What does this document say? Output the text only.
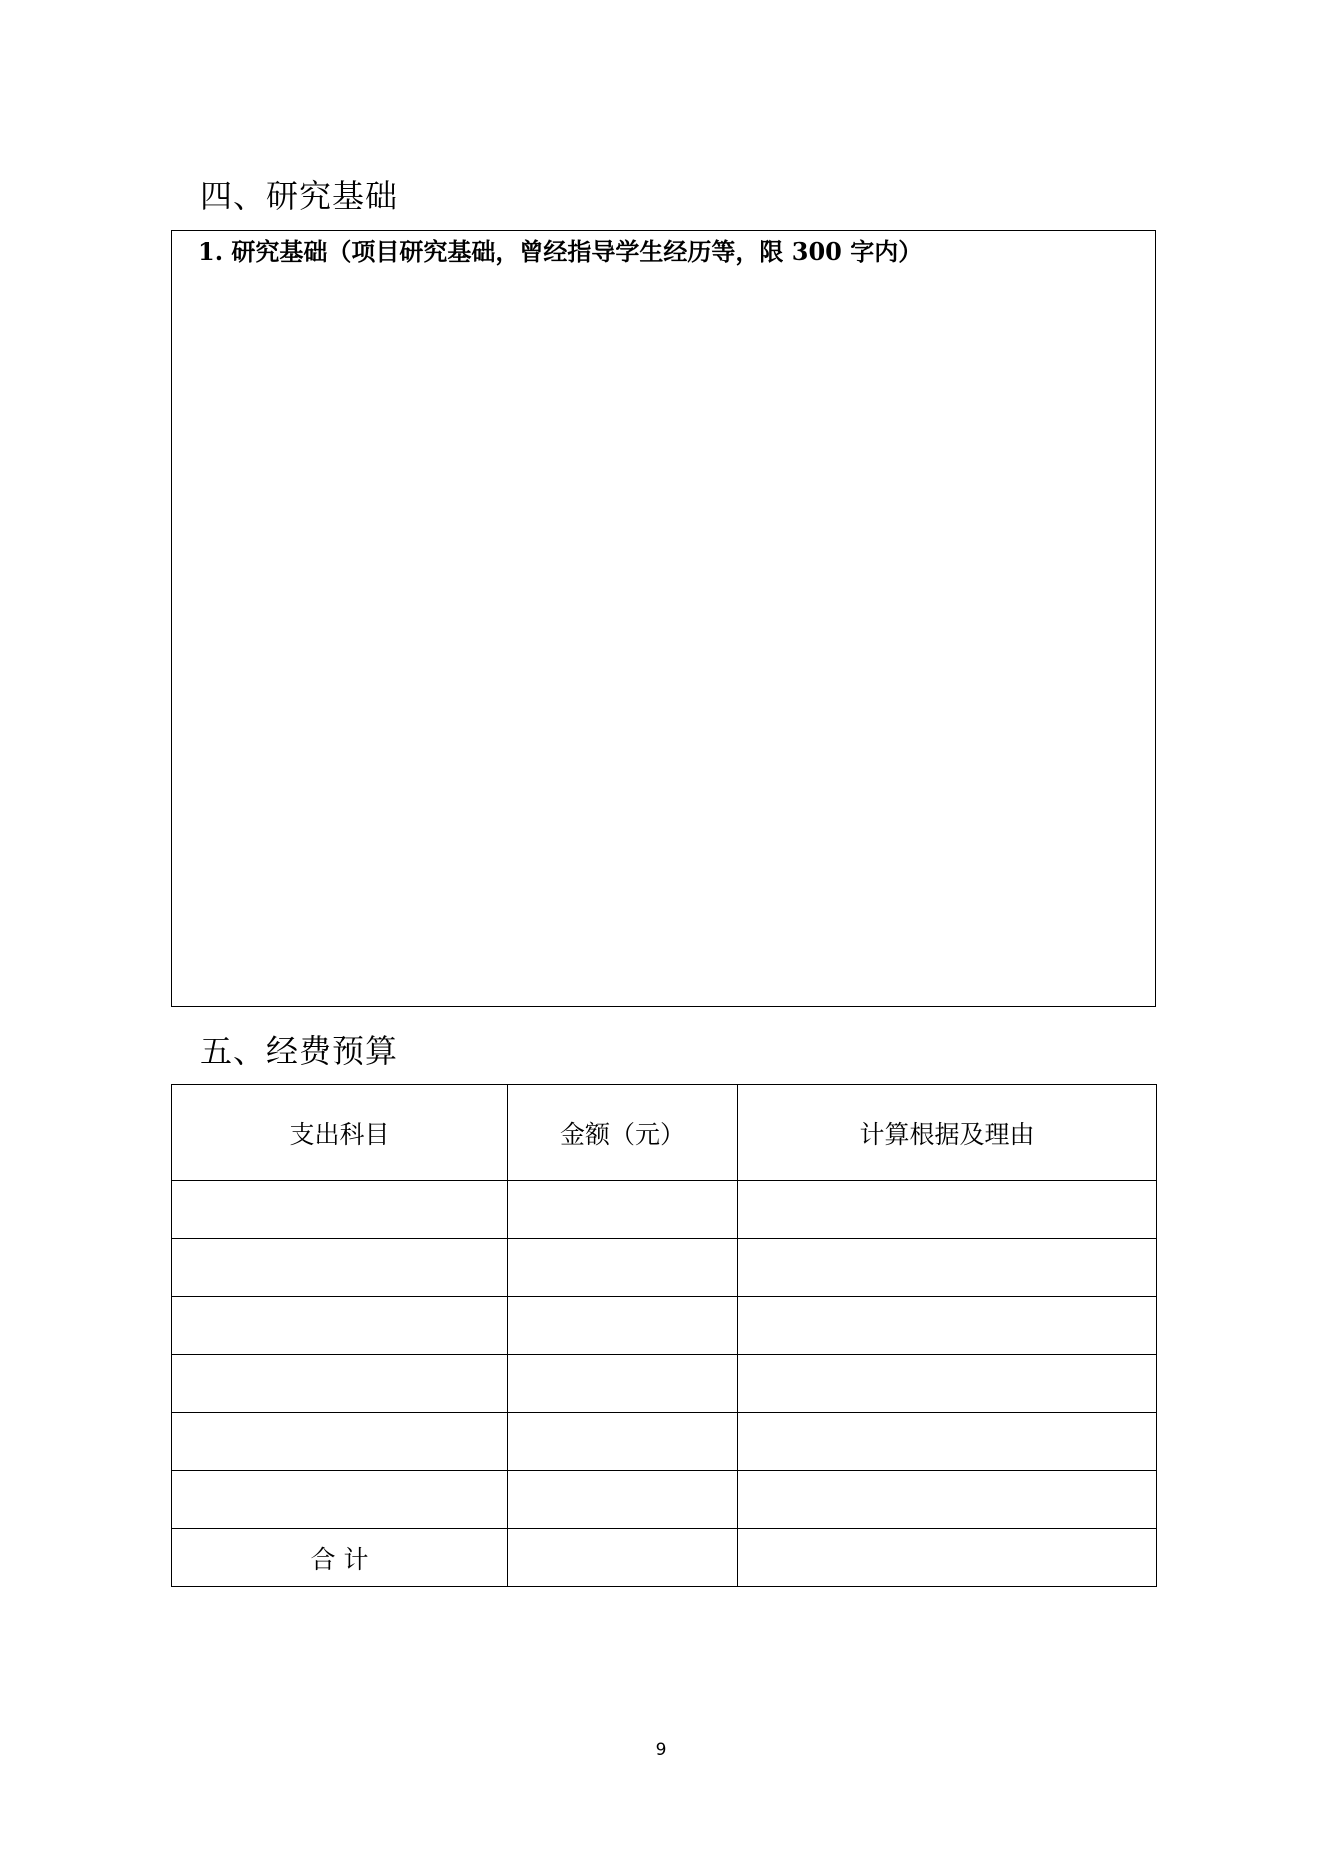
四、研究基础
1. 研究基础（项目研究基础，曾经指导学生经历等，限 300 字内）
五、经费预算
支出科目	金额（元）	计算根据及理由

合 计		
9
